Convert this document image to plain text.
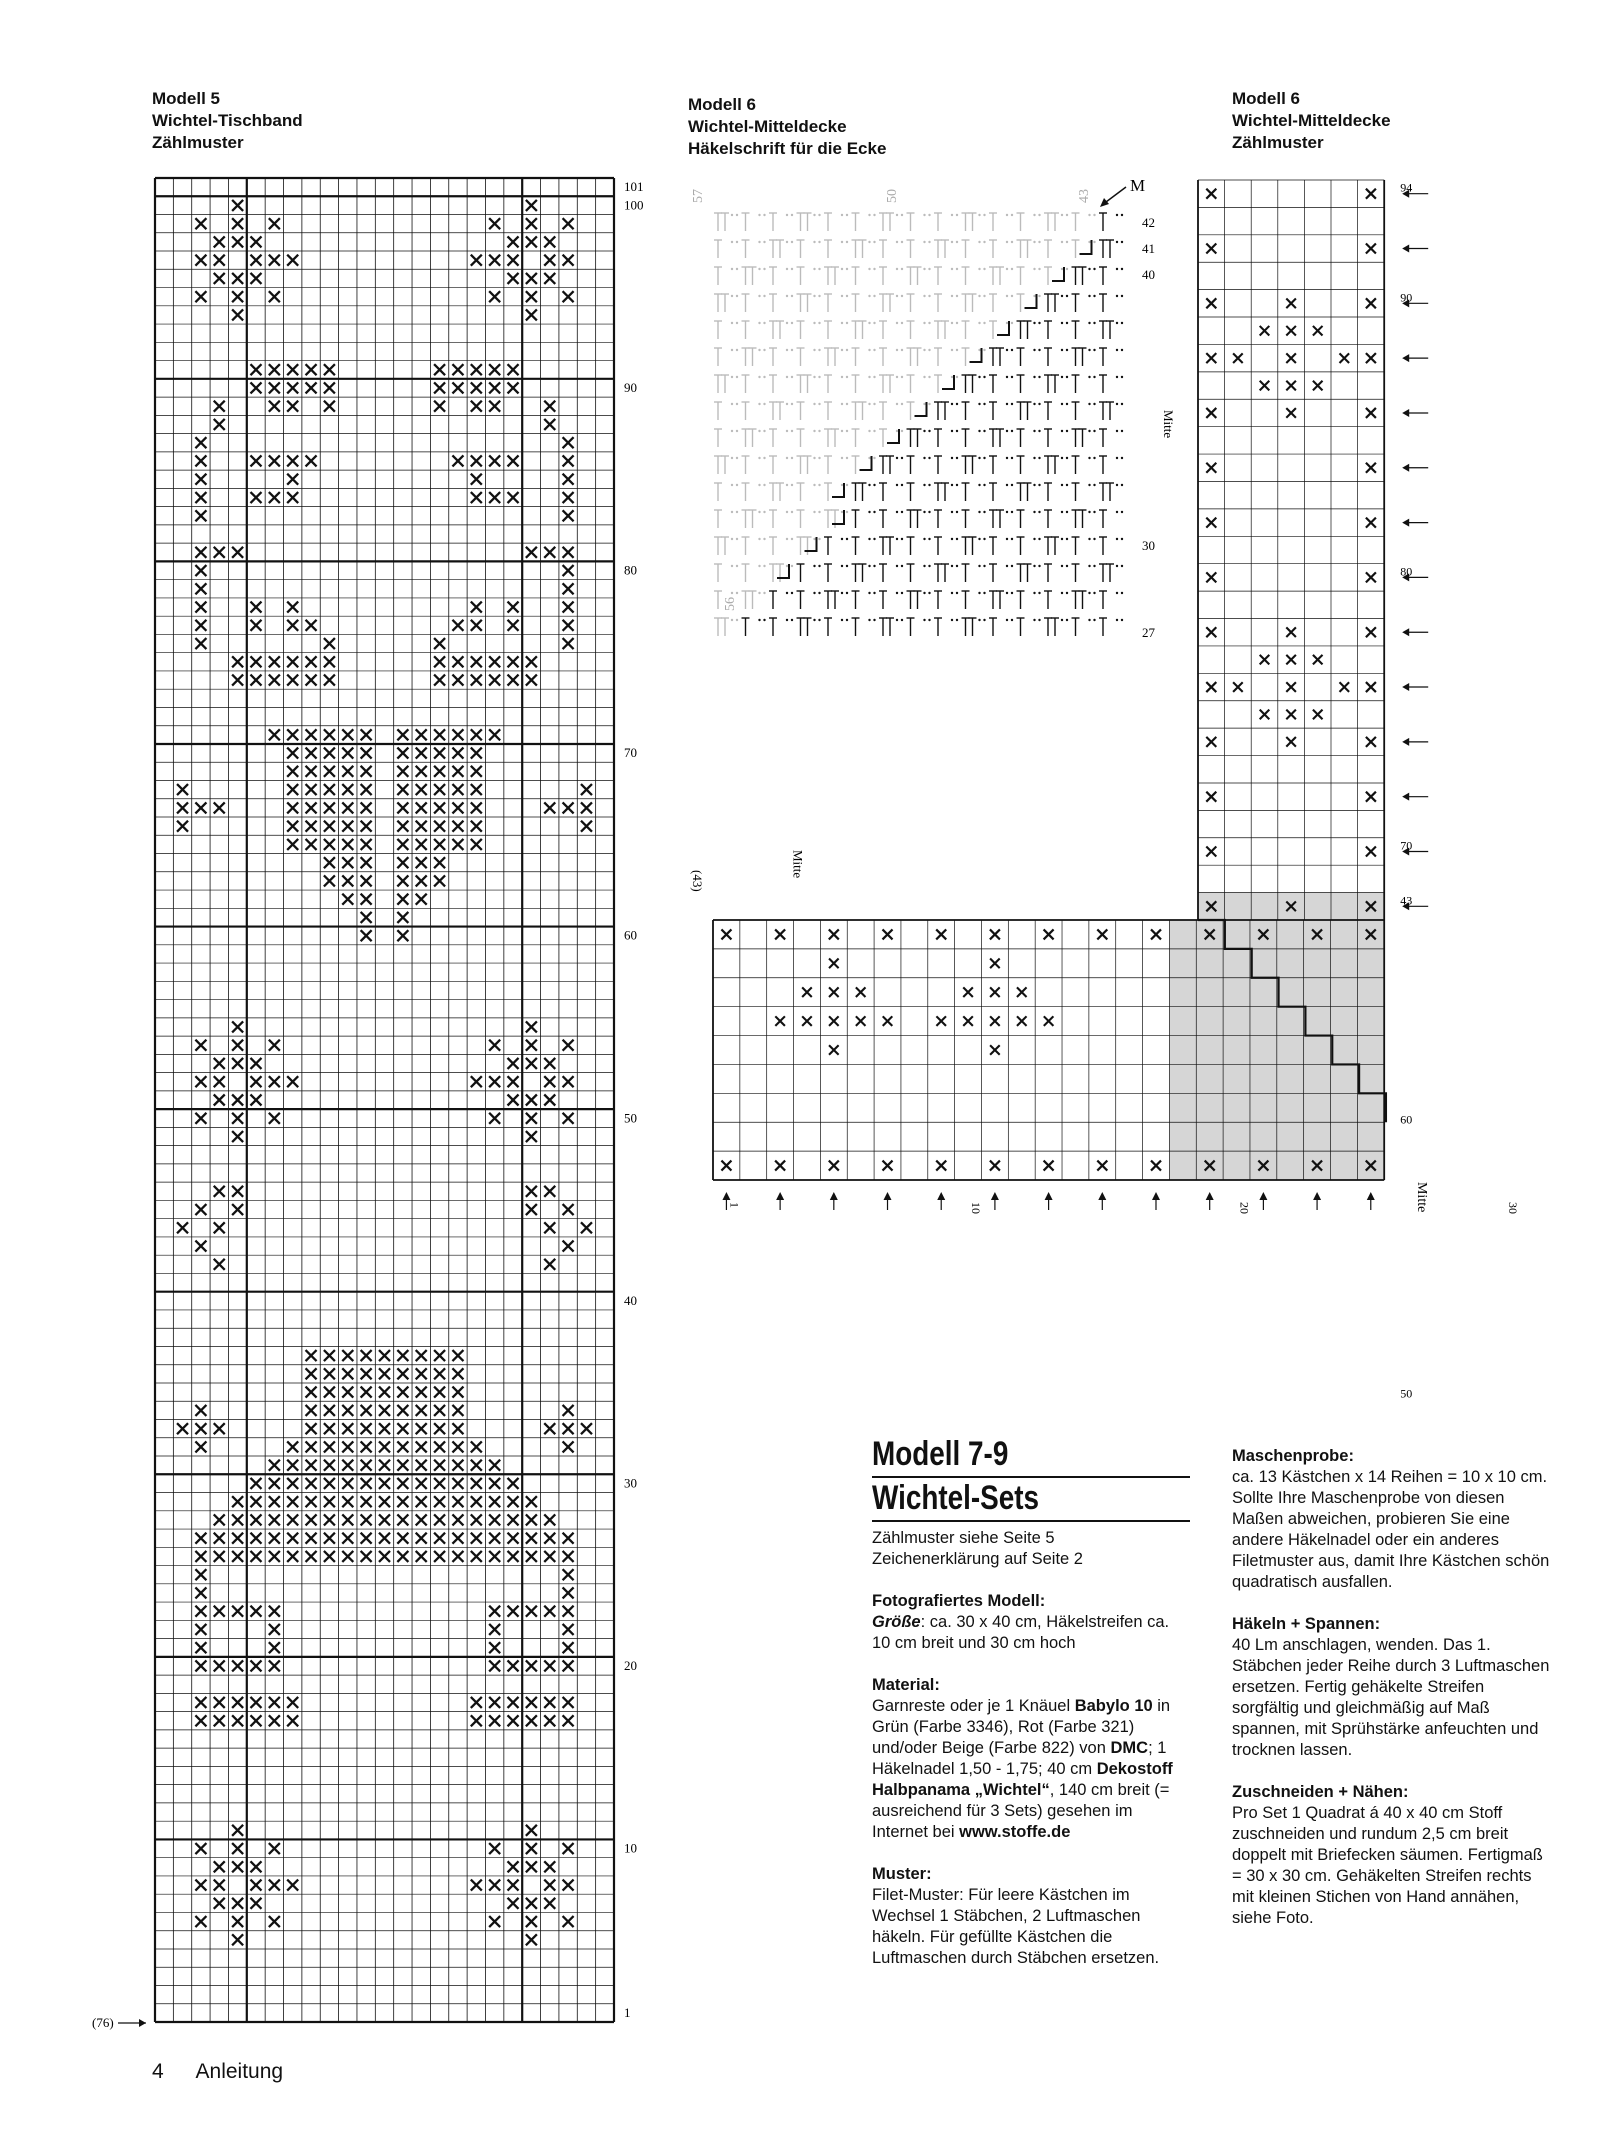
Modell 5
Wichtel-Tischband
Zählmuster
Modell 6
Wichtel-Mitteldecke
Häkelschrift für die Ecke
Modell 6
Wichtel-Mitteldecke
Zählmuster
101
100
90
80
70
60
50
40
30
20
10
1
(76)
57	50	43
56
M
42
41
40
30
27
94
90
80
70
60
50
43
1	10	20	30
Mitte
Mitte
Mitte
(43)
Modell 7-9
Wichtel-Sets
Zählmuster siehe Seite 5

Zeichenerklärung auf Seite 2

Fotografiertes Modell:

Größe: ca. 30 x 40 cm, Häkelstreifen ca. 10 cm breit und 30 cm hoch

Material:

Garnreste oder je 1 Knäuel Babylo 10 in Grün (Farbe 3346), Rot (Farbe 321) und/oder Beige (Farbe 822) von DMC; 1 Häkelnadel 1,50 - 1,75; 40 cm Dekostoff Halbpanama „Wichtel“, 140 cm breit (= ausreichend für 3 Sets) gesehen im Internet bei www.stoffe.de

Muster:

Filet-Muster: Für leere Kästchen im Wechsel 1 Stäbchen, 2 Luftmaschen häkeln. Für gefüllte Kästchen die Luftmaschen durch Stäbchen ersetzen.

Maschenprobe:

ca. 13 Kästchen x 14 Reihen = 10 x 10 cm. Sollte Ihre Maschenprobe von diesen Maßen abweichen, probieren Sie eine andere Häkelnadel oder ein anderes Filetmuster aus, damit Ihre Kästchen schön quadratisch ausfallen.

Häkeln + Spannen:

40 Lm anschlagen, wenden. Das 1. Stäbchen jeder Reihe durch 3 Luftmaschen ersetzen. Fertig gehäkelte Streifen sorgfältig und gleichmäßig auf Maß spannen, mit Sprühstärke anfeuchten und trocknen lassen.

Zuschneiden + Nähen:

Pro Set 1 Quadrat á 40 x 40 cm Stoff zuschneiden und rundum 2,5 cm breit doppelt mit Briefecken säumen. Fertigmaß = 30 x 30 cm. Gehäkelten Streifen rechts mit kleinen Stichen von Hand annähen, siehe Foto.

4 Anleitung
